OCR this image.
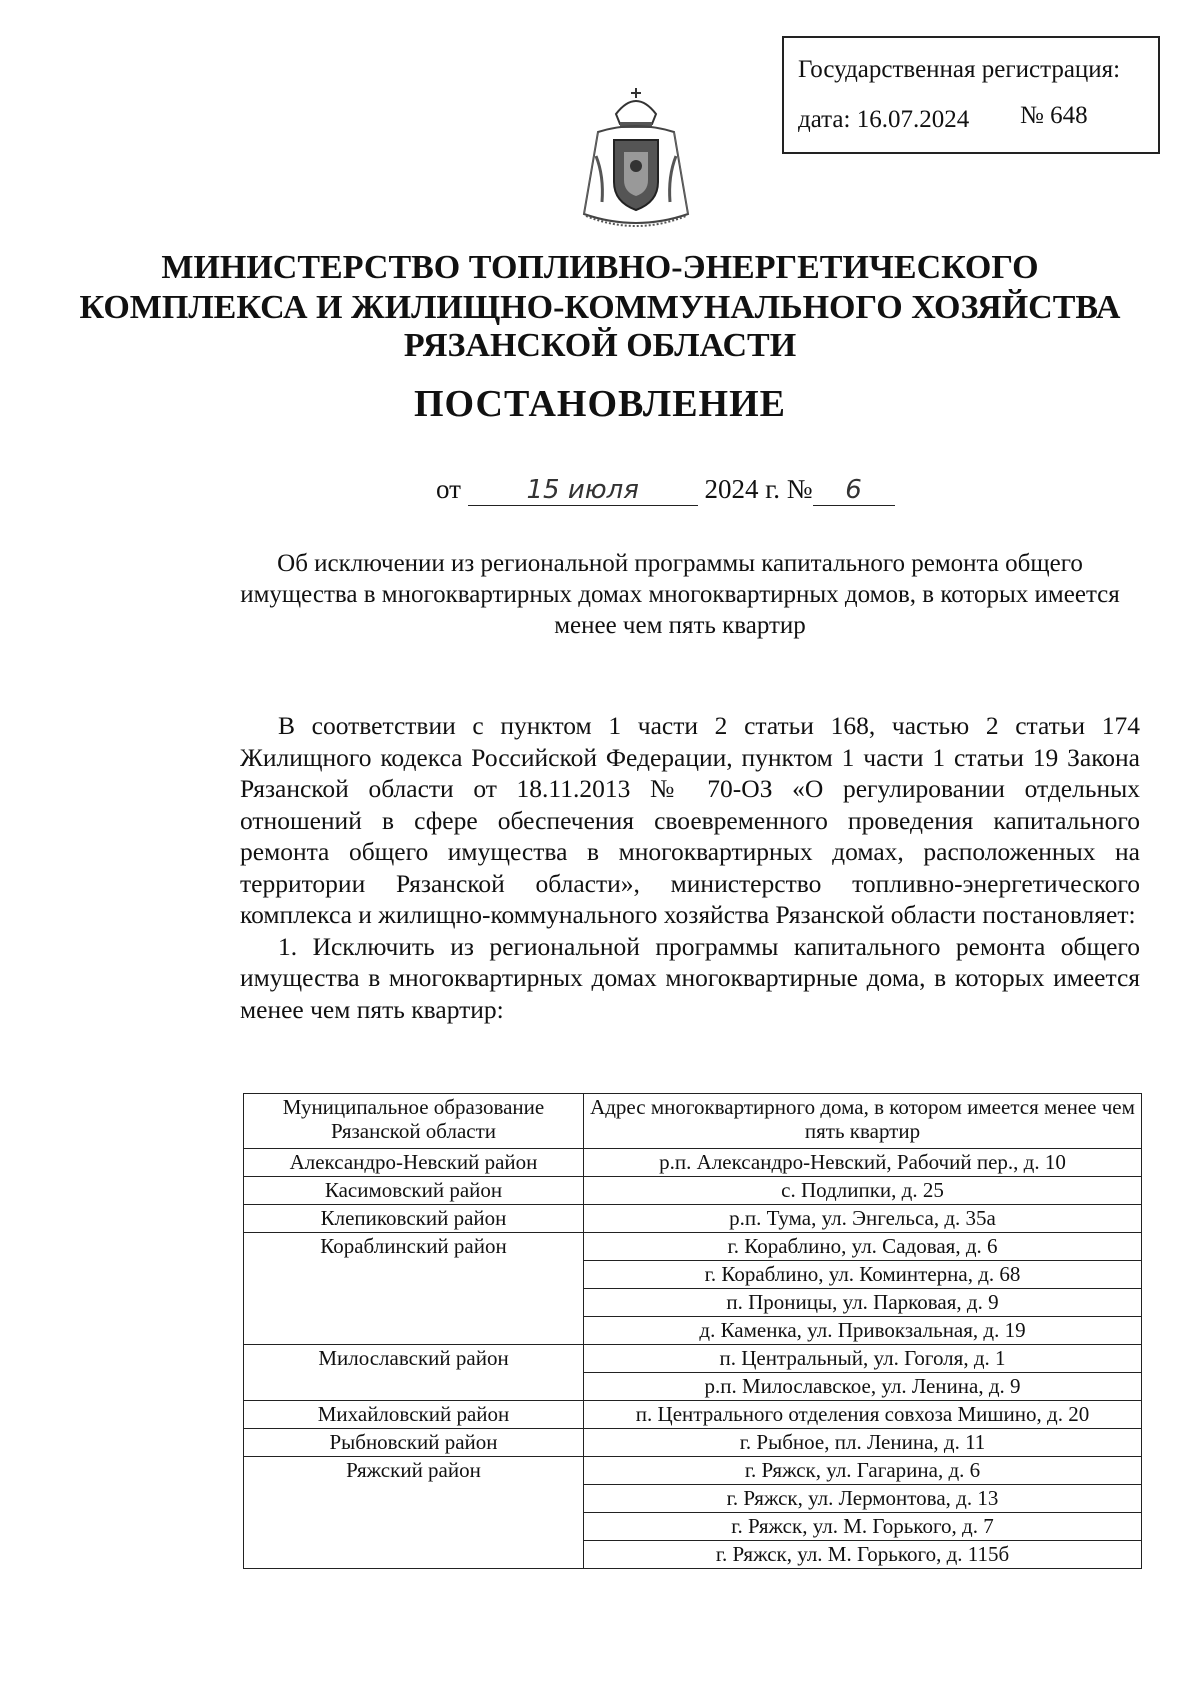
Государственная регистрация:
дата: 16.07.2024 № 648
МИНИСТЕРСТВО ТОПЛИВНО-ЭНЕРГЕТИЧЕСКОГО
КОМПЛЕКСА И ЖИЛИЩНО-КОММУНАЛЬНОГО ХОЗЯЙСТВА
РЯЗАНСКОЙ ОБЛАСТИ
ПОСТАНОВЛЕНИЕ
от	15 июля 2024 г. № 6
Об исключении из региональной программы капитального ремонта общего имущества в многоквартирных домах многоквартирных домов, в которых имеется менее чем пять квартир

В соответствии с пунктом 1 части 2 статьи 168, частью 2 статьи 174 Жилищного кодекса Российской Федерации, пунктом 1 части 1 статьи 19 Закона Рязанской области от 18.11.2013 № 70-ОЗ «О регулировании отдельных отношений в сфере обеспечения своевременного проведения капитального ремонта общего имущества в многоквартирных домах, расположенных на территории Рязанской области», министерство топливно-энергетического комплекса и жилищно-коммунального хозяйства Рязанской области постановляет:

1. Исключить из региональной программы капитального ремонта общего имущества в многоквартирных домах многоквартирные дома, в которых имеется менее чем пять квартир:

Муниципальное образование Рязанской области	Адрес многоквартирного дома, в котором имеется менее чем пять квартир
Александро-Невский район	р.п. Александро-Невский, Рабочий пер., д. 10
Касимовский район	с. Подлипки, д. 25
Клепиковский район	р.п. Тума, ул. Энгельса, д. 35а
Кораблинский район	г. Кораблино, ул. Садовая, д. 6
	г. Кораблино, ул. Коминтерна, д. 68
	п. Проницы, ул. Парковая, д. 9
	д. Каменка, ул. Привокзальная, д. 19
Милославский район	п. Центральный, ул. Гоголя, д. 1
	р.п. Милославское, ул. Ленина, д. 9
Михайловский район	п. Центрального отделения совхоза Мишино, д. 20
Рыбновский район	г. Рыбное, пл. Ленина, д. 11
Ряжский район	г. Ряжск, ул. Гагарина, д. 6
	г. Ряжск, ул. Лермонтова, д. 13
	г. Ряжск, ул. М. Горького, д. 7
	г. Ряжск, ул. М. Горького, д. 115б
